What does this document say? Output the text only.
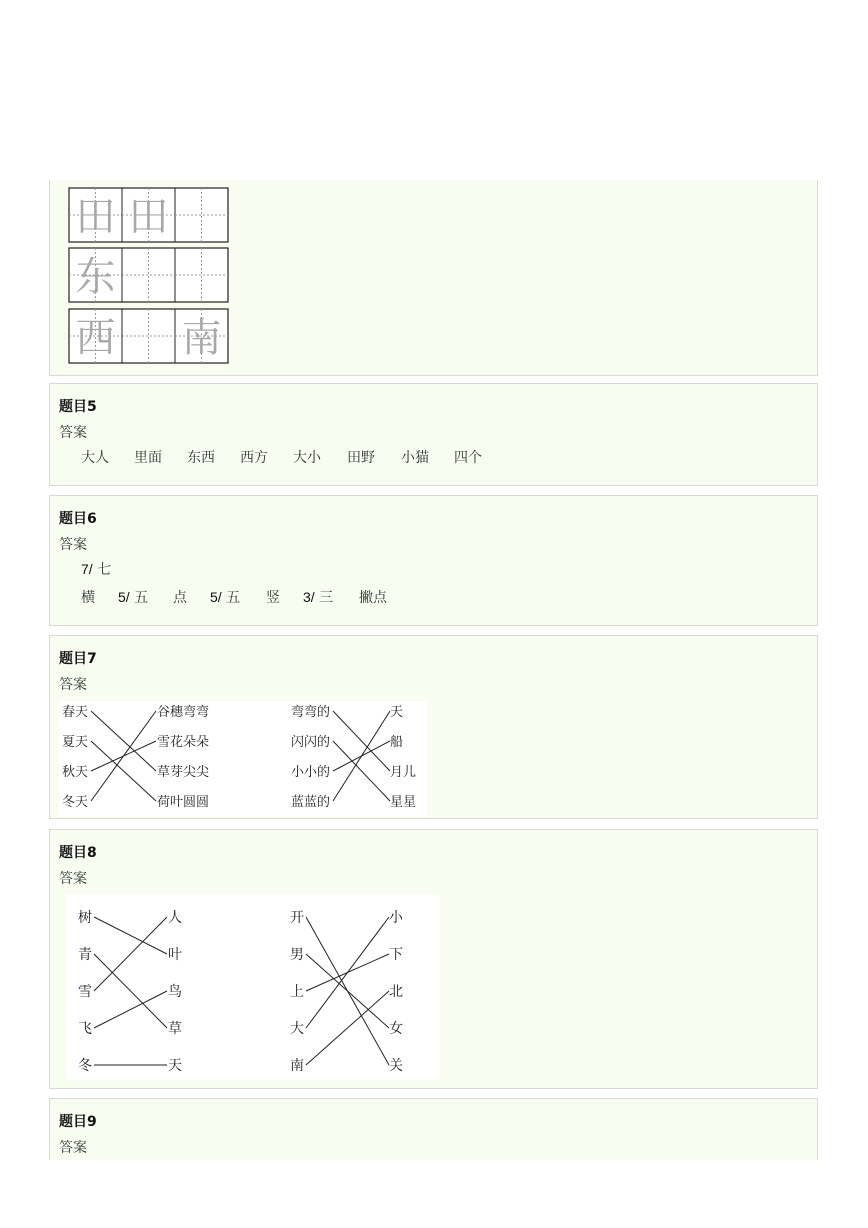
田 田
东
西 南
题目5
答案
大人 里面 东西 西方 大小 田野 小猫 四个
题目6
答案
7/ 七
横 5/ 五 点 5/ 五 竖 3/ 三 撇点
题目7
答案
春天
夏天
秋天
冬天
谷穗弯弯
雪花朵朵
草芽尖尖
荷叶圆圆
弯弯的
闪闪的
小小的
蓝蓝的
天
船
月儿
星星
题目8
答案
树
青
雪
飞
冬
人
叶
鸟
草
天
开
男
上
大
南
小
下
北
女
关
题目9
答案
